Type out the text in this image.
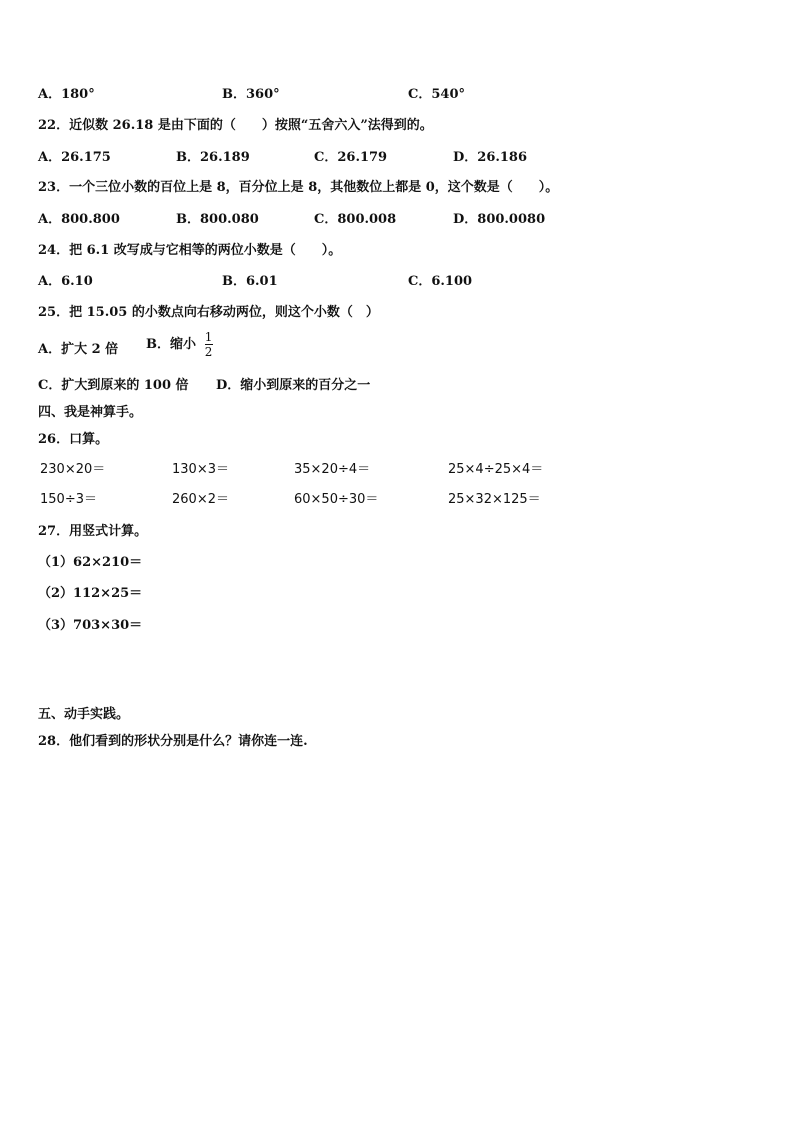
A．180°	B．360°	C．540°
22．近似数 26.18 是由下面的（　　）按照“五舍六入”法得到的。
A．26.175	B．26.189	C．26.179	D．26.186
23．一个三位小数的百位上是 8，百分位上是 8，其他数位上都是 0，这个数是（　　）。
A．800.800	B．800.080	C．800.008	D．800.0080
24．把 6.1 改写成与它相等的两位小数是（　　）。
A．6.10	B．6.01	C．6.100
25．把 15.05 的小数点向右移动两位，则这个小数（　）
A．扩大 2 倍 B．缩小 $\frac{1}{2}$
C．扩大到原来的 100 倍 D．缩小到原来的百分之一
四、我是神算手。
26．口算。
230×20＝	130×3＝	35×20÷4＝	25×4÷25×4＝
150÷3＝	260×2＝	60×50÷30＝	25×32×125＝
27．用竖式计算。
（1）62×210＝
（2）112×25＝
（3）703×30＝
五、动手实践。
28．他们看到的形状分别是什么？请你连一连.
